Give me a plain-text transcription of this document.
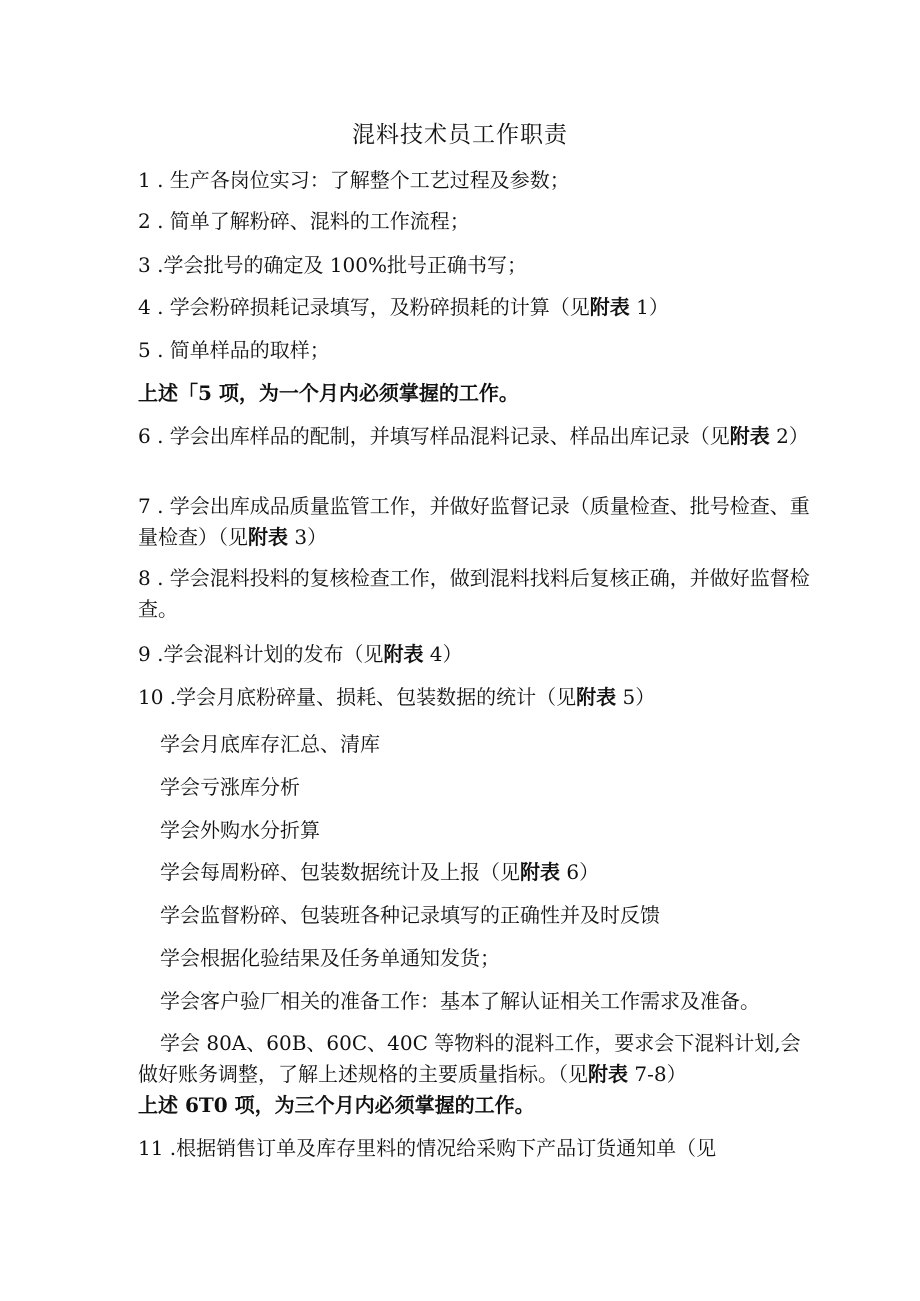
混料技术员工作职责
1 . 生产各岗位实习：了解整个工艺过程及参数；
2 . 简单了解粉碎、混料的工作流程；
3 .学会批号的确定及 100%批号正确书写；
4 . 学会粉碎损耗记录填写，及粉碎损耗的计算（见附表 1）
5 . 简单样品的取样；
上述「5 项，为一个月内必须掌握的工作。
6 . 学会出库样品的配制，并填写样品混料记录、样品出库记录（见附表 2）
7 . 学会出库成品质量监管工作，并做好监督记录（质量检查、批号检查、重量检查）（见附表 3）
8 . 学会混料投料的复核检查工作，做到混料找料后复核正确，并做好监督检查。
9 .学会混料计划的发布（见附表 4）
10 .学会月底粉碎量、损耗、包装数据的统计（见附表 5）
学会月底库存汇总、清库
学会亏涨库分析
学会外购水分折算
学会每周粉碎、包装数据统计及上报（见附表 6）
学会监督粉碎、包装班各种记录填写的正确性并及时反馈
学会根据化验结果及任务单通知发货；
学会客户验厂相关的准备工作：基本了解认证相关工作需求及准备。
学会 80A、60B、60C、40C 等物料的混料工作，要求会下混料计划,会做好账务调整，了解上述规格的主要质量指标。（见附表 7-8）
上述 6T0 项，为三个月内必须掌握的工作。
11 .根据销售订单及库存里料的情况给采购下产品订货通知单（见
